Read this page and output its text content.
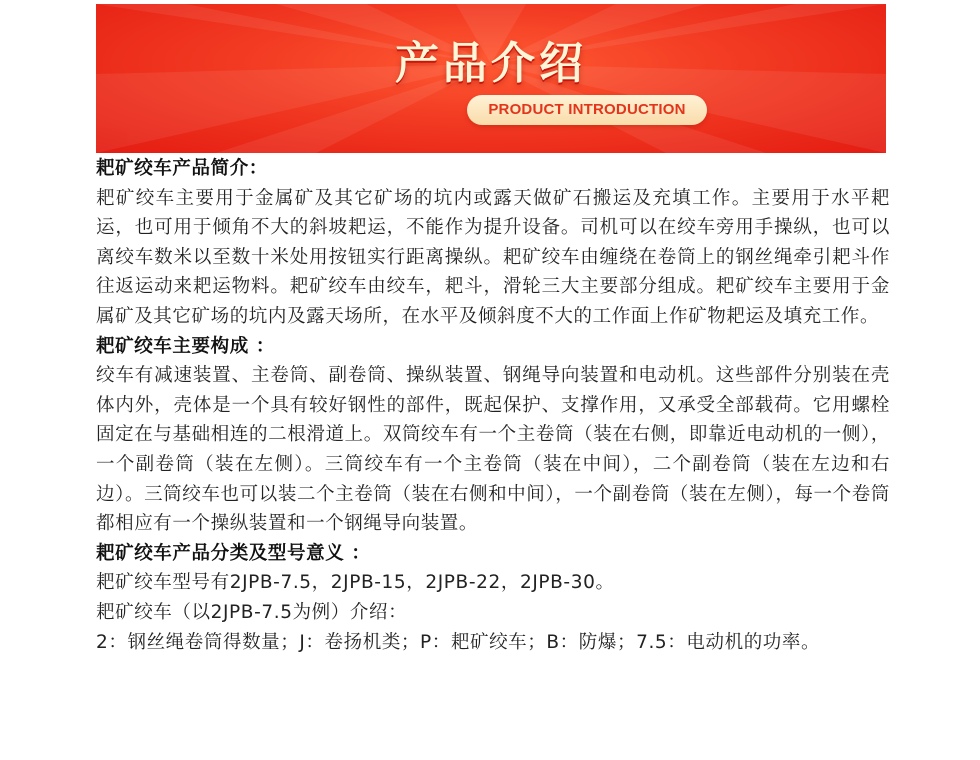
产品介绍
PRODUCT INTRODUCTION

耙矿绞车产品简介：

耙矿绞车主要用于金属矿及其它矿场的坑内或露天做矿石搬运及充填工作。主要用于水平耙运，也可用于倾角不大的斜坡耙运，不能作为提升设备。司机可以在绞车旁用手操纵，也可以离绞车数米以至数十米处用按钮实行距离操纵。耙矿绞车由缠绕在卷筒上的钢丝绳牵引耙斗作往返运动来耙运物料。耙矿绞车由绞车，耙斗，滑轮三大主要部分组成。耙矿绞车主要用于金属矿及其它矿场的坑内及露天场所，在水平及倾斜度不大的工作面上作矿物耙运及填充工作。

耙矿绞车主要构成 ：

绞车有减速装置、主卷筒、副卷筒、操纵装置、钢绳导向装置和电动机。这些部件分别装在壳体内外，壳体是一个具有较好钢性的部件，既起保护、支撑作用，又承受全部载荷。它用螺栓固定在与基础相连的二根滑道上。双筒绞车有一个主卷筒（装在右侧，即靠近电动机的一侧），一个副卷筒（装在左侧）。三筒绞车有一个主卷筒（装在中间），二个副卷筒（装在左边和右边）。三筒绞车也可以装二个主卷筒（装在右侧和中间），一个副卷筒（装在左侧），每一个卷筒都相应有一个操纵装置和一个钢绳导向装置。

耙矿绞车产品分类及型号意义 ：

耙矿绞车型号有2JPB-7.5，2JPB-15，2JPB-22，2JPB-30。

耙矿绞车（以2JPB-7.5为例）介绍：

2：钢丝绳卷筒得数量；J：卷扬机类；P：耙矿绞车；B：防爆；7.5：电动机的功率。
